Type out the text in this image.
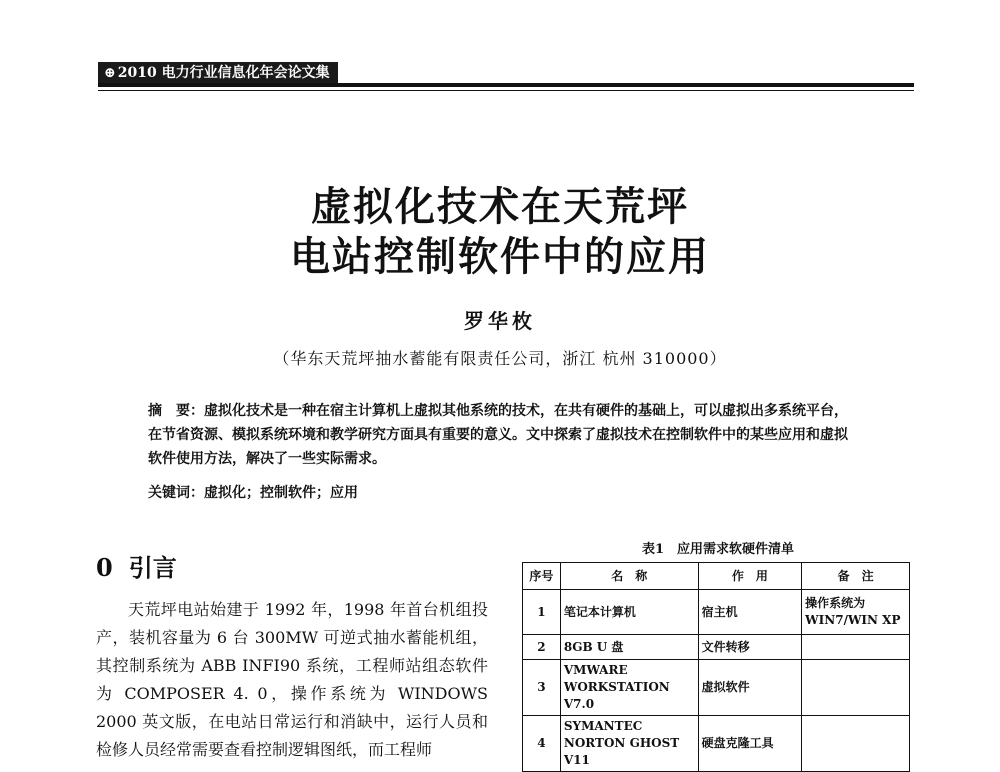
⊕ 2010 电力行业信息化年会论文集
虚拟化技术在天荒坪
电站控制软件中的应用
罗华枚
（华东天荒坪抽水蓄能有限责任公司，浙江 杭州 310000）

摘　要：虚拟化技术是一种在宿主计算机上虚拟其他系统的技术，在共有硬件的基础上，可以虚拟出多系统平台，在节省资源、模拟系统环境和教学研究方面具有重要的意义。文中探索了虚拟技术在控制软件中的某些应用和虚拟软件使用方法，解决了一些实际需求。

关键词：虚拟化；控制软件；应用

0 引言

天荒坪电站始建于 1992 年，1998 年首台机组投产，装机容量为 6 台 300MW 可逆式抽水蓄能机组，其控制系统为 ABB INFI90 系统，工程师站组态软件为 COMPOSER 4. 0，操作系统为 WINDOWS 2000 英文版，在电站日常运行和消缺中，运行人员和检修人员经常需要查看控制逻辑图纸，而工程师

表1　应用需求软硬件清单
序号	名　称	作　用	备　注
1	笔记本计算机	宿主机	操作系统为 WIN7/WIN XP
2	8GB U 盘	文件转移	
3	VMWARE WORKSTATION V7.0	虚拟软件	
4	SYMANTEC NORTON GHOST V11	硬盘克隆工具	
